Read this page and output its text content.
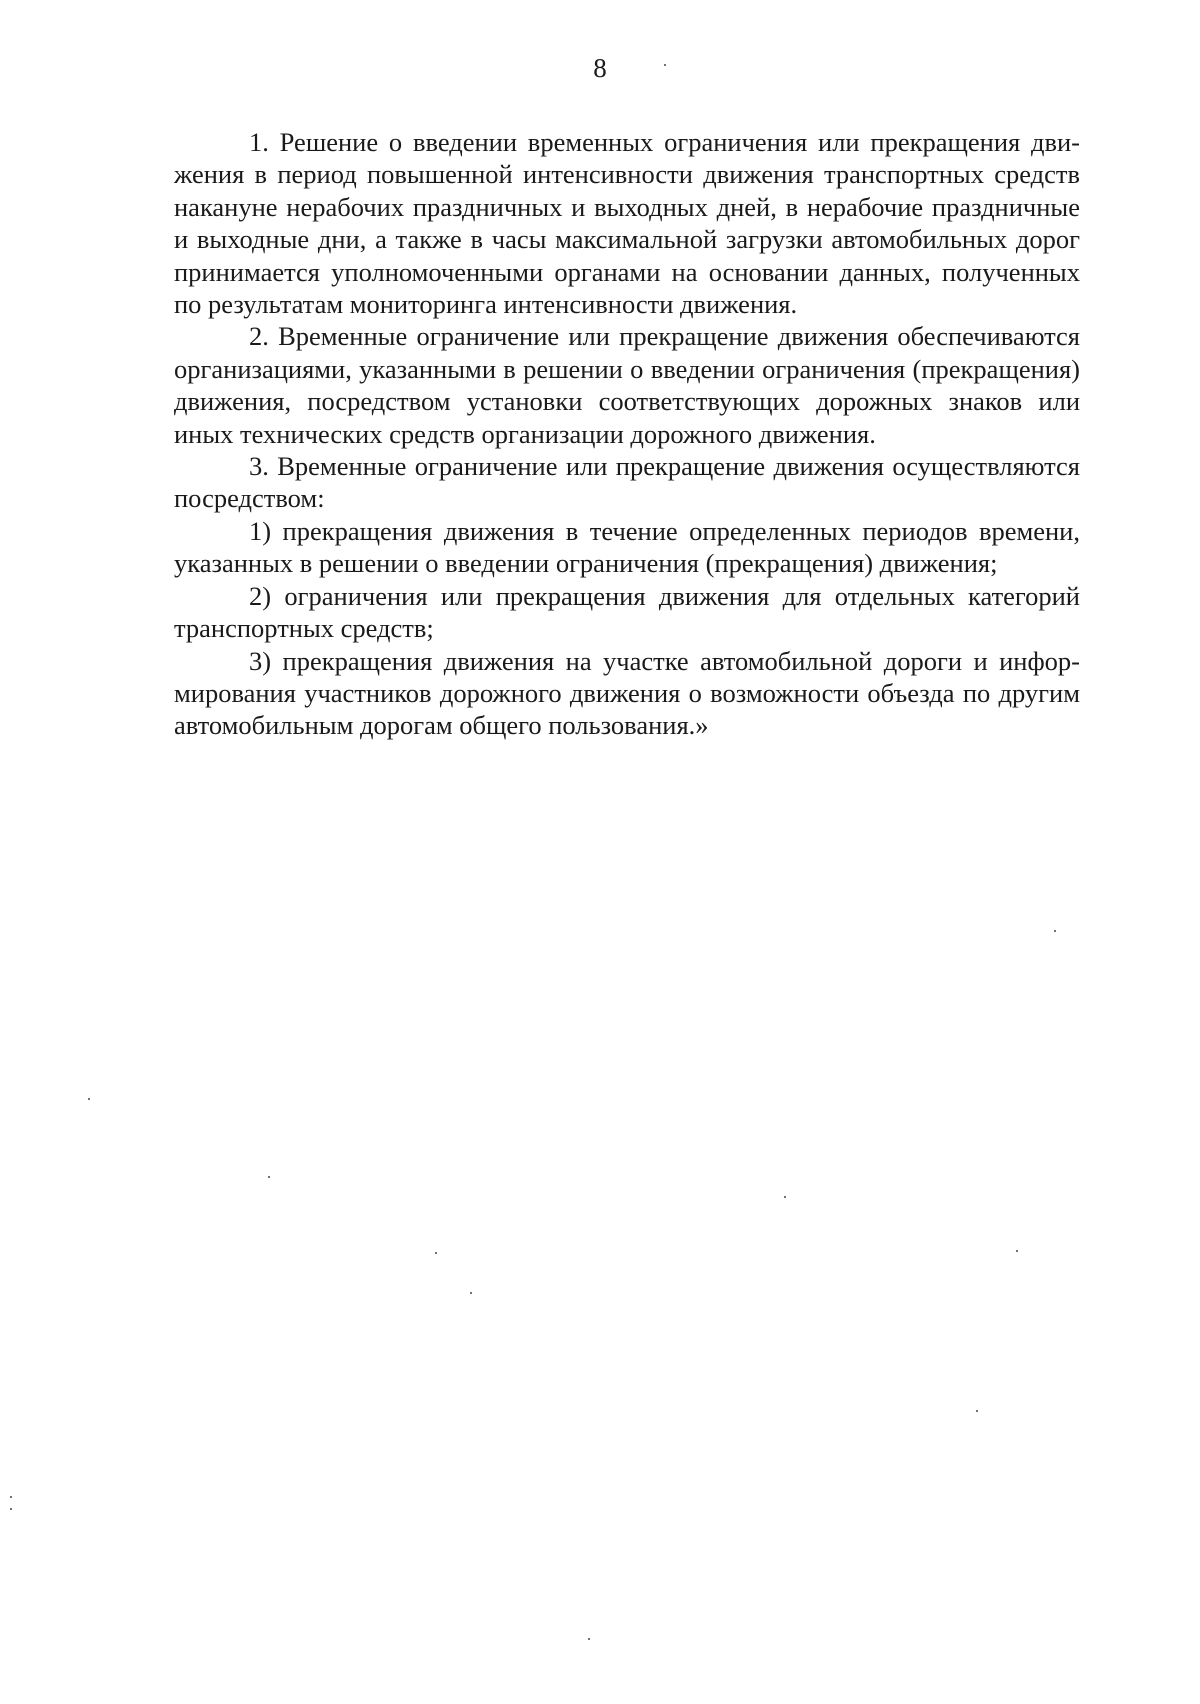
8

1. Решение о введении временных ограничения или прекращения движения в период повышенной интенсивности движения транспортных средств накануне нерабочих праздничных и выходных дней, в нерабочие праздничные и выходные дни, а также в часы максимальной загрузки автомобильных дорог принимается уполномоченными органами на основании данных, полученных по результатам мониторинга интенсивности движения.

2. Временные ограничение или прекращение движения обеспечиваются организациями, указанными в решении о введении ограничения (прекращения) движения, посредством установки соответствующих дорожных знаков или иных технических средств организации дорожного движения.

3. Временные ограничение или прекращение движения осуществляются посредством:

1) прекращения движения в течение определенных периодов времени, указанных в решении о введении ограничения (прекращения) движения;

2) ограничения или прекращения движения для отдельных категорий транспортных средств;

3) прекращения движения на участке автомобильной дороги и информирования участников дорожного движения о возможности объезда по другим автомобильным дорогам общего пользования.»
